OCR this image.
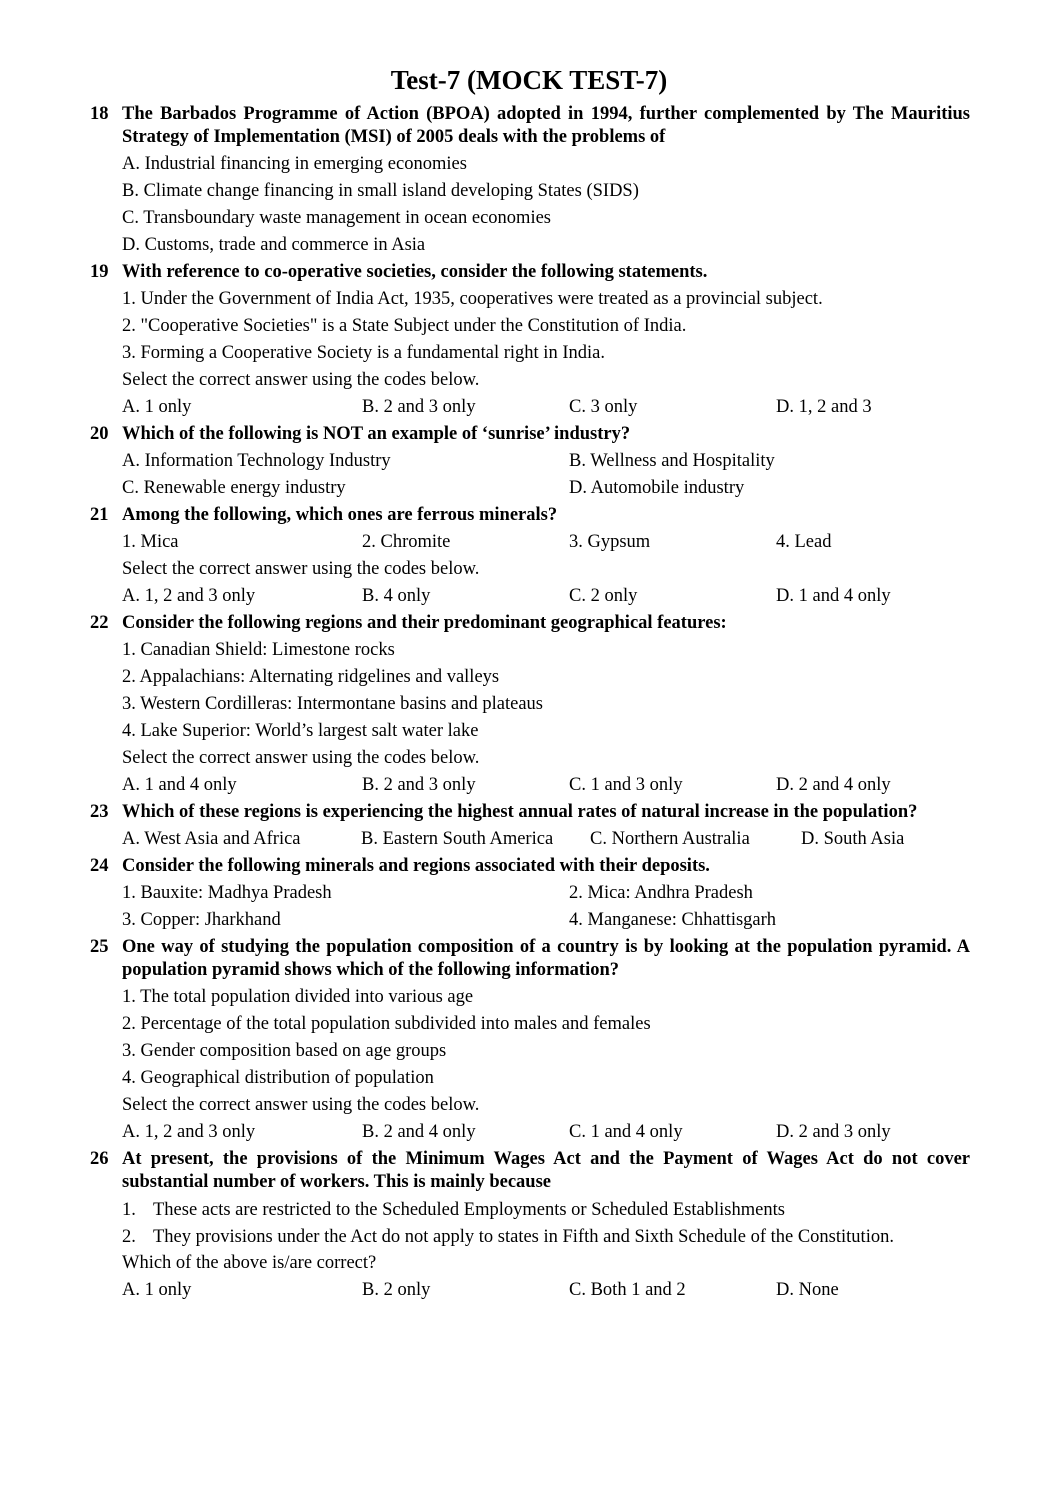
Test-7 (MOCK TEST-7)
18 The Barbados Programme of Action (BPOA) adopted in 1994, further complemented by The Mauritius Strategy of Implementation (MSI) of 2005 deals with the problems of
A. Industrial financing in emerging economies
B. Climate change financing in small island developing States (SIDS)
C. Transboundary waste management in ocean economies
D. Customs, trade and commerce in Asia
19 With reference to co-operative societies, consider the following statements.
1. Under the Government of India Act, 1935, cooperatives were treated as a provincial subject.
2. "Cooperative Societies" is a State Subject under the Constitution of India.
3. Forming a Cooperative Society is a fundamental right in India.
Select the correct answer using the codes below.
A. 1 only	B. 2 and 3 only	C. 3 only	D. 1, 2 and 3
20 Which of the following is NOT an example of ‘sunrise’ industry?
A. Information Technology Industry	B. Wellness and Hospitality
C. Renewable energy industry	D. Automobile industry
21 Among the following, which ones are ferrous minerals?
1. Mica	2. Chromite	3. Gypsum	4. Lead
Select the correct answer using the codes below.
A. 1, 2 and 3 only	B. 4 only	C. 2 only	D. 1 and 4 only
22 Consider the following regions and their predominant geographical features:
1. Canadian Shield: Limestone rocks
2. Appalachians: Alternating ridgelines and valleys
3. Western Cordilleras: Intermontane basins and plateaus
4. Lake Superior: World’s largest salt water lake
Select the correct answer using the codes below.
A. 1 and 4 only	B. 2 and 3 only	C. 1 and 3 only	D. 2 and 4 only
23 Which of these regions is experiencing the highest annual rates of natural increase in the population?
A. West Asia and Africa	B. Eastern South America C. Northern Australia	D. South Asia
24 Consider the following minerals and regions associated with their deposits.
1. Bauxite: Madhya Pradesh	2. Mica: Andhra Pradesh
3. Copper: Jharkhand	4. Manganese: Chhattisgarh
25 One way of studying the population composition of a country is by looking at the population pyramid. A population pyramid shows which of the following information?
1. The total population divided into various age
2. Percentage of the total population subdivided into males and females
3. Gender composition based on age groups
4. Geographical distribution of population
Select the correct answer using the codes below.
A. 1, 2 and 3 only	B. 2 and 4 only	C. 1 and 4 only	D. 2 and 3 only
26 At present, the provisions of the Minimum Wages Act and the Payment of Wages Act do not cover substantial number of workers. This is mainly because
1. These acts are restricted to the Scheduled Employments or Scheduled Establishments
2. They provisions under the Act do not apply to states in Fifth and Sixth Schedule of the Constitution.
Which of the above is/are correct?
A. 1 only	B. 2 only	C. Both 1 and 2	D. None
